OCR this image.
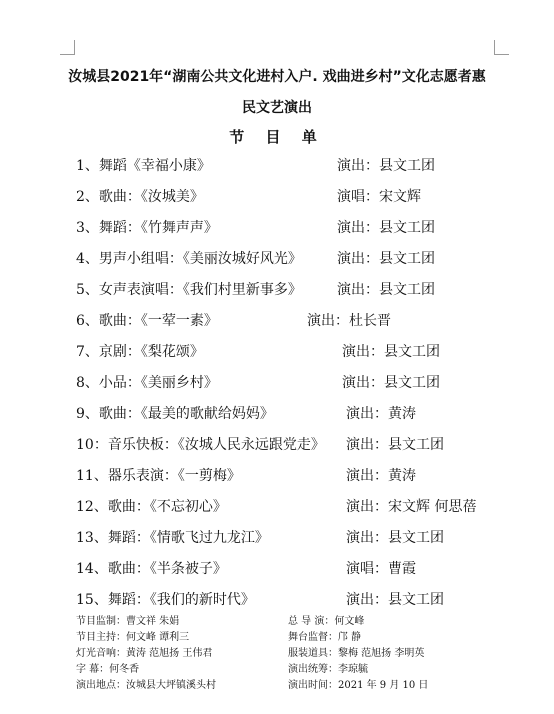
汝城县2021年“湖南公共文化进村入户. 戏曲进乡村”文化志愿者惠
民文艺演出
节 目 单
1、舞蹈《幸福小康》	演出：县文工团
2、歌曲：《汝城美》	演唱：宋文辉
3、舞蹈：《竹舞声声》	演出：县文工团
4、男声小组唱：《美丽汝城好风光》	演出：县文工团
5、女声表演唱：《我们村里新事多》	演出：县文工团
6、歌曲：《一荤一素》	演出：杜长晋
7、京剧：《梨花颂》	演出：县文工团
8、小品：《美丽乡村》	演出：县文工团
9、歌曲：《最美的歌献给妈妈》	演出：黄涛
10：音乐快板：《汝城人民永远跟党走》 演出：县文工团
11、器乐表演：《一剪梅》	演出：黄涛
12、歌曲：《不忘初心》	演出：宋文辉 何思蓓
13、舞蹈：《情歌飞过九龙江》	演出：县文工团
14、歌曲：《半条被子》	演唱：曹霞
15、舞蹈：《我们的新时代》	演出：县文工团
节目监制：曹文祥 朱娟	总 导 演：何文峰
节目主持：何文峰 谭利三	舞台监督：邝 静
灯光音响：黄涛 范旭扬 王伟君	服装道具：黎梅 范旭扬 李明英
字 幕：何冬香	演出统筹：李琼毓
演出地点：汝城县大坪镇溪头村	演出时间：2021 年 9 月 10 日
